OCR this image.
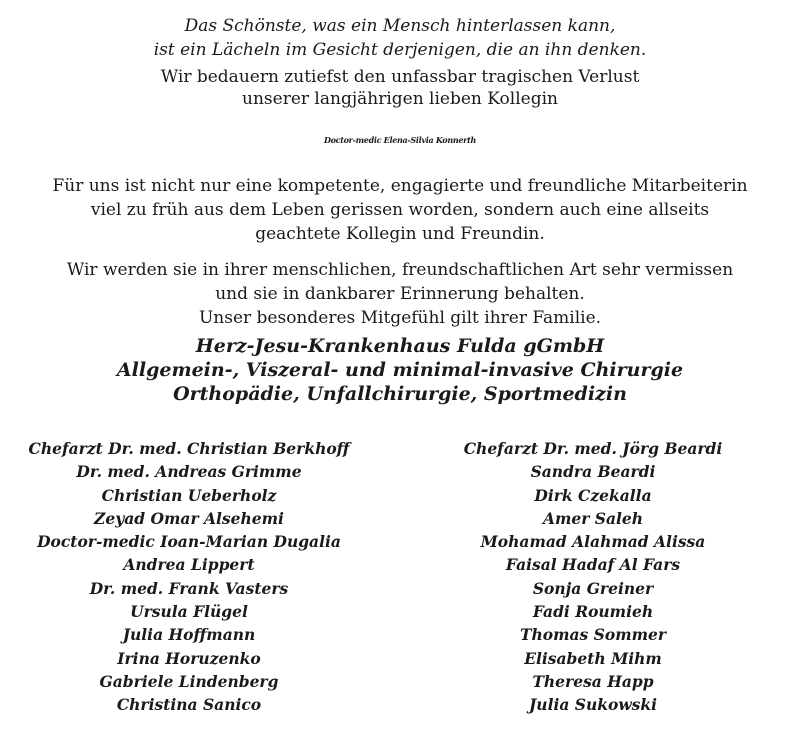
Das Schönste, was ein Mensch hinterlassen kann,
ist ein Lächeln im Gesicht derjenigen, die an ihn denken.
Wir bedauern zutiefst den unfassbar tragischen Verlust
unserer langjährigen lieben Kollegin
Doctor-medic Elena-Silvia Konnerth
Für uns ist nicht nur eine kompetente, engagierte und freundliche Mitarbeiterin
viel zu früh aus dem Leben gerissen worden, sondern auch eine allseits
geachtete Kollegin und Freundin.
Wir werden sie in ihrer menschlichen, freundschaftlichen Art sehr vermissen
und sie in dankbarer Erinnerung behalten.
Unser besonderes Mitgefühl gilt ihrer Familie.
Herz-Jesu-Krankenhaus Fulda gGmbH
Allgemein-, Viszeral- und minimal-invasive Chirurgie
Orthopädie, Unfallchirurgie, Sportmedizin
Chefarzt Dr. med. Christian Berkhoff
Dr. med. Andreas Grimme
Christian Ueberholz
Zeyad Omar Alsehemi
Doctor-medic Ioan-Marian Dugalia
Andrea Lippert
Dr. med. Frank Vasters
Ursula Flügel
Julia Hoffmann
Irina Horuzenko
Gabriele Lindenberg
Christina Sanico
Chefarzt Dr. med. Jörg Beardi
Sandra Beardi
Dirk Czekalla
Amer Saleh
Mohamad Alahmad Alissa
Faisal Hadaf Al Fars
Sonja Greiner
Fadi Roumieh
Thomas Sommer
Elisabeth Mihm
Theresa Happ
Julia Sukowski
